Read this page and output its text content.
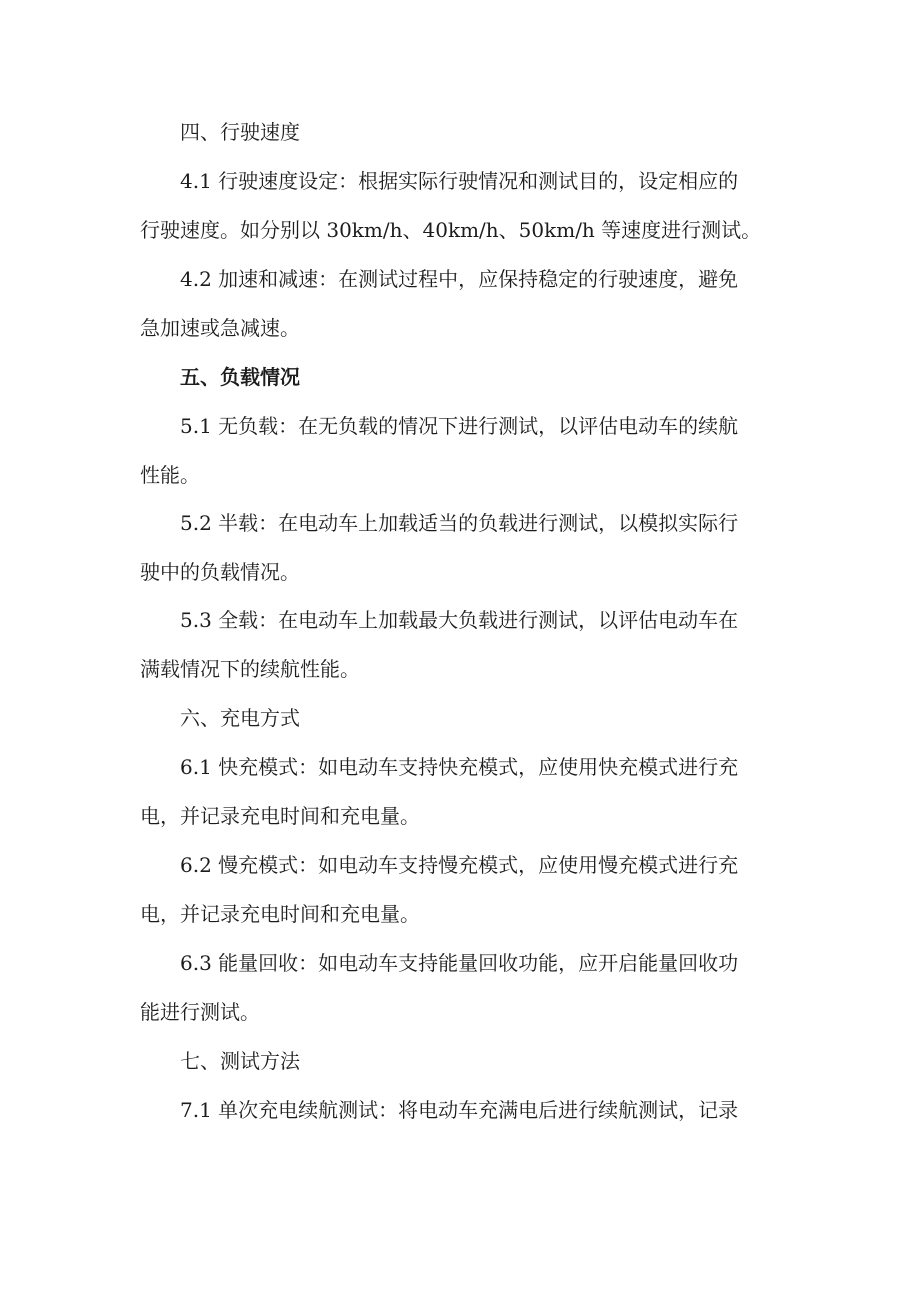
四、行驶速度

4.1 行驶速度设定：根据实际行驶情况和测试目的，设定相应的

行驶速度。如分别以 30km/h、40km/h、50km/h 等速度进行测试。

4.2 加速和减速：在测试过程中，应保持稳定的行驶速度，避免

急加速或急减速。

五、负载情况

5.1 无负载：在无负载的情况下进行测试，以评估电动车的续航

性能。

5.2 半载：在电动车上加载适当的负载进行测试，以模拟实际行

驶中的负载情况。

5.3 全载：在电动车上加载最大负载进行测试，以评估电动车在

满载情况下的续航性能。

六、充电方式

6.1 快充模式：如电动车支持快充模式，应使用快充模式进行充

电，并记录充电时间和充电量。

6.2 慢充模式：如电动车支持慢充模式，应使用慢充模式进行充

电，并记录充电时间和充电量。

6.3 能量回收：如电动车支持能量回收功能，应开启能量回收功

能进行测试。

七、测试方法

7.1 单次充电续航测试：将电动车充满电后进行续航测试，记录
